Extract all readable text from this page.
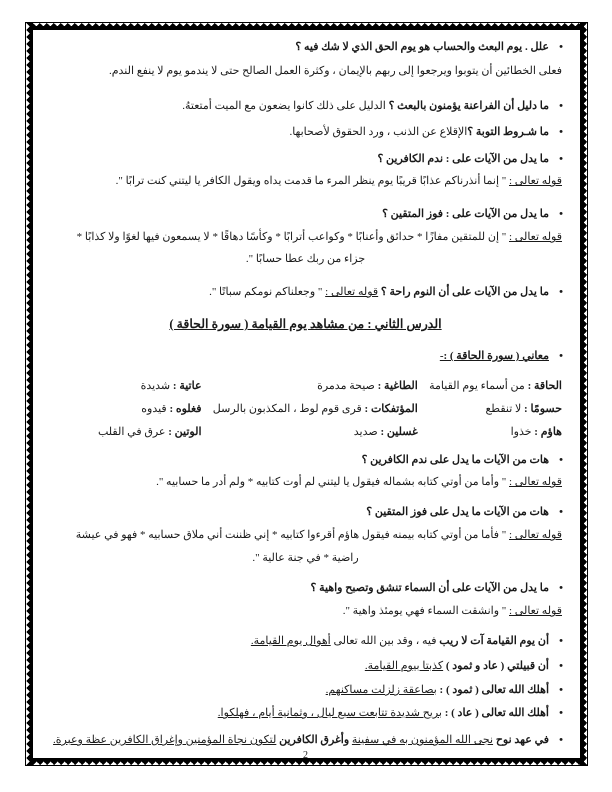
• علل . يوم البعث والحساب هو يوم الحق الذي لا شك فيه ؟
فعلى الخطائين أن يتوبوا ويرجعوا إلى ربهم بالإيمان ، وكثرة العمل الصالح حتى لا يندمو يوم لا ينفع الندم.
• ما دليل أن الفراعنة يؤمنون بالبعث ؟ الدليل على ذلك كانوا يضعون مع الميت أمتعتهُ.
• ما شـروط التوبة ؟الإقلاع عن الذنب ، ورد الحقوق لأصحابها.
• ما يدل من الآيات على : ندم الكافرين ؟
قوله تعالى : " إنما أنذرناكم عذابًا قريبًا يوم ينظر المرء ما قدمت يداه ويقول الكافر يا ليتني كنت ترابًا ".
• ما يدل من الآيات على : فوز المتقين ؟
قوله تعالى : " إن للمتقين مفازًا * حدائق وأعنابًا * وكواعب أترابًا * وكأسًا دهاقًا * لا يسمعون فيها لغوًا ولا كذابًا *
جزاء من ربك عطا حسابًا ".
• ما يدل من الآيات على أن النوم راحة ؟ قوله تعالى : " وجعلناكم نومكم سباتًا ".
الدرس الثاني : من مشاهد يوم القيامة ( سورة الحاقة )
• معاني ( سورة الحاقة ) :-
الحاقة : من أسماء يوم القيامة
الطاغية : صيحة مدمرة
عاتية : شديدة
حسومًا : لا تنقطع
المؤتفكات : قرى قوم لوط ، المكذبون بالرسل
فغلوه : قيدوه
هاؤم : خذوا
غسلين : صديد
الوتين : عرق في القلب
• هات من الآيات ما يدل على ندم الكافرين ؟
قوله تعالى : " وأما من أوتي كتابه بشماله فيقول يا ليتني لم أوت كتابيه * ولم أدر ما حسابيه ".
• هات من الآيات ما يدل على فوز المتقين ؟
قوله تعالى : " فأما من أوتي كتابه بيمنه فيقول هاؤم أقرءوا كتابيه * إني ظننت أني ملاق حسابيه * فهو في عيشة
راضية * في جنة عالية ".
• ما يدل من الآيات على أن السماء تنشق وتصبح واهية ؟
قوله تعالى : " وانشقت السماء فهي يومئذ واهية ".
• أن يوم القيامة آت لا ريب فيه ، وقد بين الله تعالى أهوال يوم القيامة.
• أن قبيلتي ( عاد و ثمود ) كذبتا بيوم القيامة.
• أهلك الله تعالى ( ثمود ) : بصاعقة زلزلت مساكنهم.
• أهلك الله تعالى ( عاد ) : بريح شديدة تتابعت سبع ليال ، وثمانية أيام ، فهلكوا.
• في عهد نوح نجى الله المؤمنون به في سفينة وأغرق الكافرين لتكون نجاة المؤمنين وإغراق الكافرين عظة وعبرة.
2
